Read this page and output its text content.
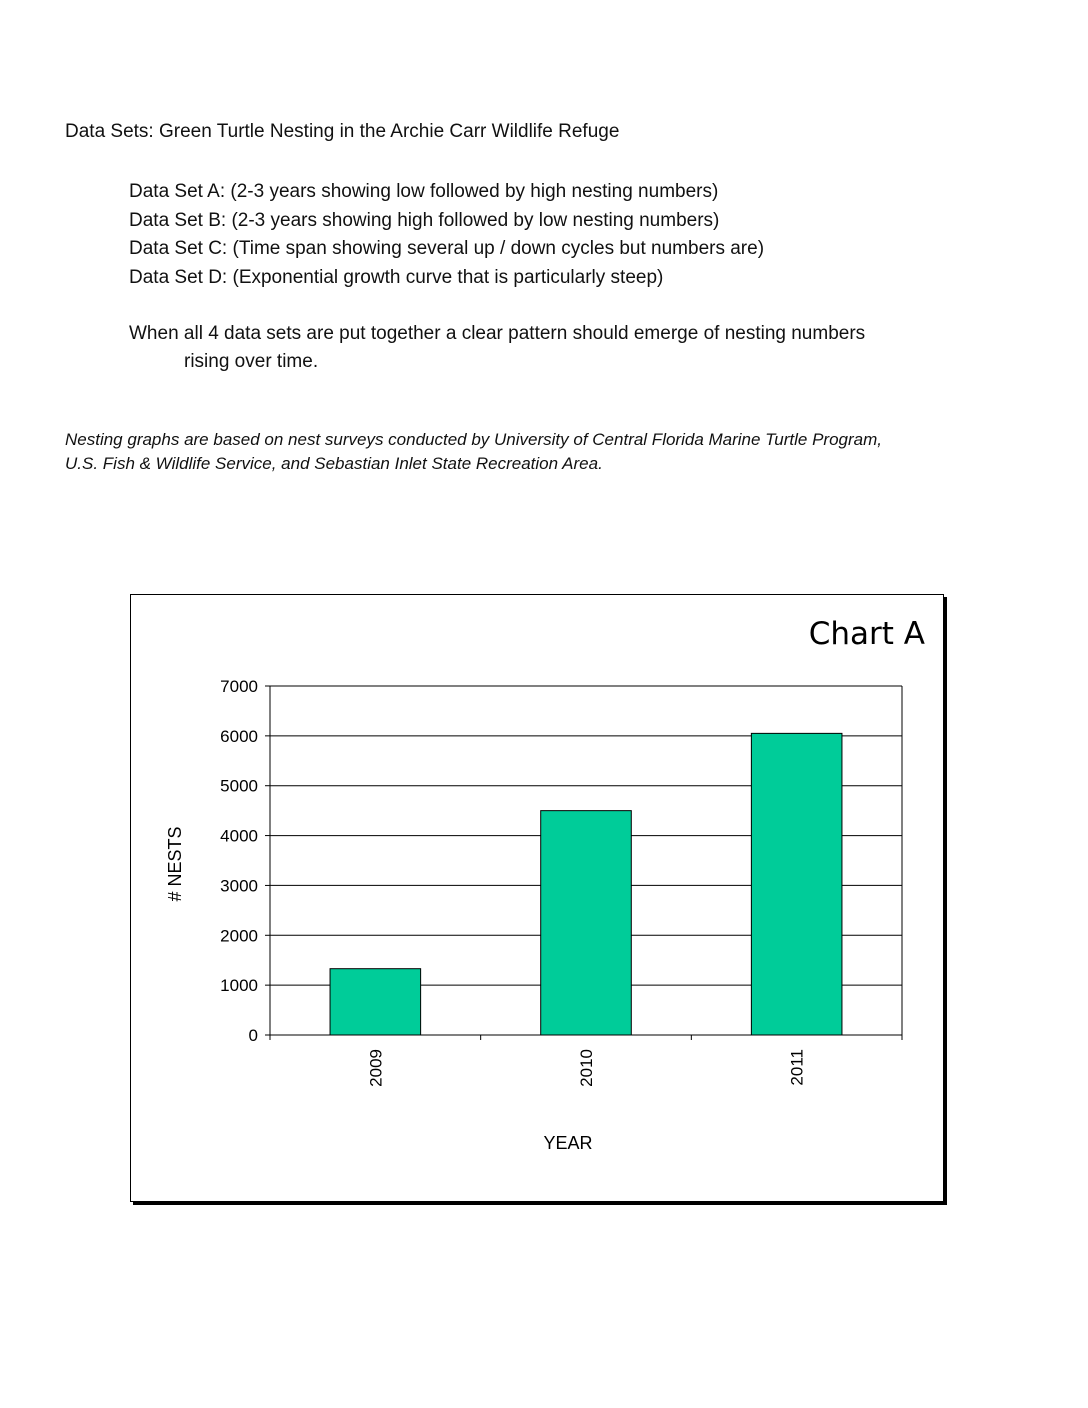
Data Sets: Green Turtle Nesting in the Archie Carr Wildlife Refuge
Data Set A: (2-3 years showing low followed by high nesting numbers)
Data Set B: (2-3 years showing high followed by low nesting numbers)
Data Set C: (Time span showing several up / down cycles but numbers are)
Data Set D: (Exponential growth curve that is particularly steep)

When all 4 data sets are put together a clear pattern should emerge of nesting numbers
rising over time.

Nesting graphs are based on nest surveys conducted by University of Central Florida Marine Turtle Program,
U.S. Fish & Wildlife Service, and Sebastian Inlet State Recreation Area.

Chart A
# NESTS
YEAR
0
1000
2000
3000
4000
5000
6000
7000
2009	2010	2011
